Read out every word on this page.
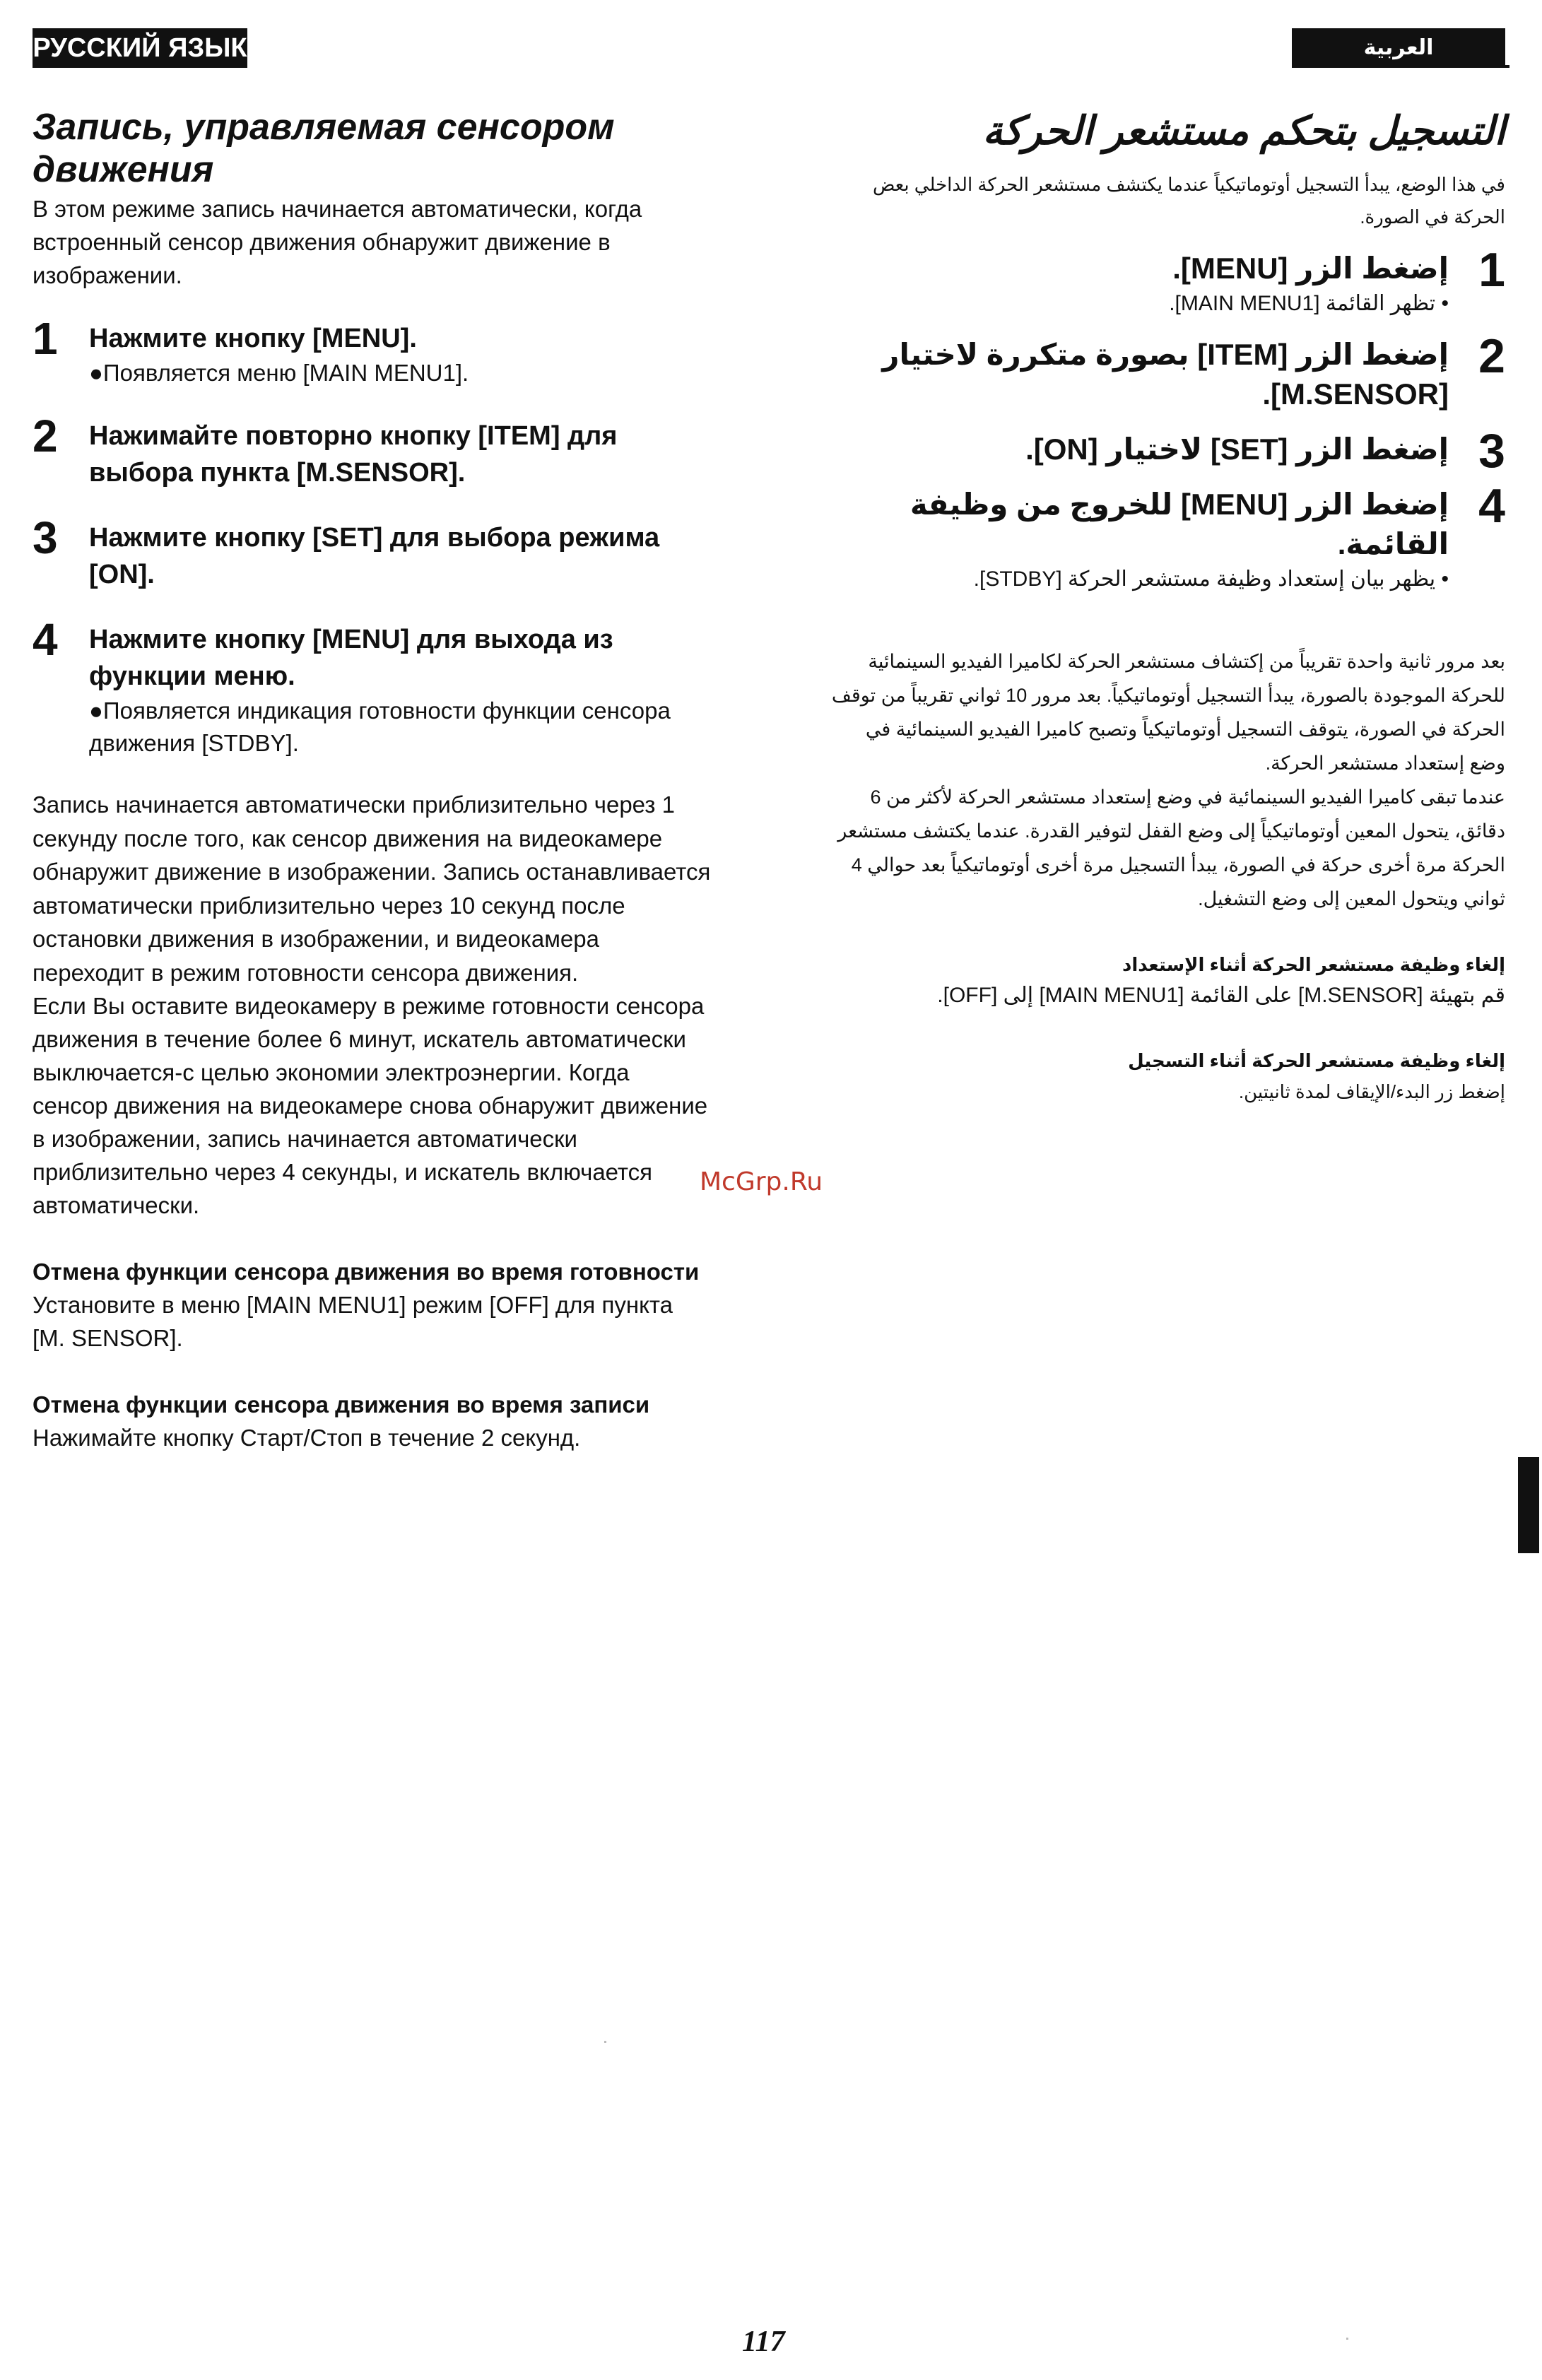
РУССКИЙ ЯЗЫК	العربية
Запись, управляемая сенсором движения
В этом режиме запись начинается автоматически, когда встроенный сенсор движения обнаружит движение в изображении.
1 Нажмите кнопку [MENU].
●Появляется меню [MAIN MENU1].
2 Нажимайте повторно кнопку [ITEM] для выбора пункта [M.SENSOR].
3 Нажмите кнопку [SET] для выбора режима [ON].
4 Нажмите кнопку [MENU] для выхода из функции меню.
●Появляется индикация готовности функции сенсора движения [STDBY].
Запись начинается автоматически приблизительно через 1 секунду после того, как сенсор движения на видеокамере обнаружит движение в изображении. Запись останавливается автоматически приблизительно через 10 секунд после остановки движения в изображении, и видеокамера переходит в режим готовности сенсора движения.
Если Вы оставите видеокамеру в режиме готовности сенсора движения в течение более 6 минут, искатель автоматически выключается-с целью экономии электроэнергии. Когда сенсор движения на видеокамере снова обнаружит движение в изображении, запись начинается автоматически приблизительно через 4 секунды, и искатель включается автоматически.
Отмена функции сенсора движения во время готовности
Установите в меню [MAIN MENU1] режим [OFF] для пункта [M. SENSOR].
Отмена функции сенсора движения во время записи
Нажимайте кнопку Старт/Стоп в течение 2 секунд.
التسجيل بتحكم مستشعر الحركة
في هذا الوضع، يبدأ التسجيل أوتوماتيكياً عندما يكتشف مستشعر الحركة الداخلي بعض الحركة في الصورة.
1
إضغط الزر [MENU].
• تظهر القائمة [MAIN MENU1].
2
إضغط الزر [ITEM] بصورة متكررة لاختيار [M.SENSOR].
3
إضغط الزر [SET] لاختيار [ON].
4
إضغط الزر [MENU] للخروج من وظيفة القائمة.
• يظهر بيان إستعداد وظيفة مستشعر الحركة [STDBY].
بعد مرور ثانية واحدة تقريباً من إكتشاف مستشعر الحركة لكاميرا الفيديو السينمائية للحركة الموجودة بالصورة، يبدأ التسجيل أوتوماتيكياً. بعد مرور 10 ثواني تقريباً من توقف الحركة في الصورة، يتوقف التسجيل أوتوماتيكياً وتصبح كاميرا الفيديو السينمائية في وضع إستعداد مستشعر الحركة.
عندما تبقى كاميرا الفيديو السينمائية في وضع إستعداد مستشعر الحركة لأكثر من 6 دقائق، يتحول المعين أوتوماتيكياً إلى وضع القفل لتوفير القدرة. عندما يكتشف مستشعر الحركة مرة أخرى حركة في الصورة، يبدأ التسجيل مرة أخرى أوتوماتيكياً بعد حوالي 4 ثواني ويتحول المعين إلى وضع التشغيل.
إلغاء وظيفة مستشعر الحركة أثناء الإستعداد
قم بتهيئة [M.SENSOR] على القائمة [MAIN MENU1] إلى [OFF].
إلغاء وظيفة مستشعر الحركة أثناء التسجيل
إضغط زر البدء/الإيقاف لمدة ثانيتين.
McGrp.Ru
117
